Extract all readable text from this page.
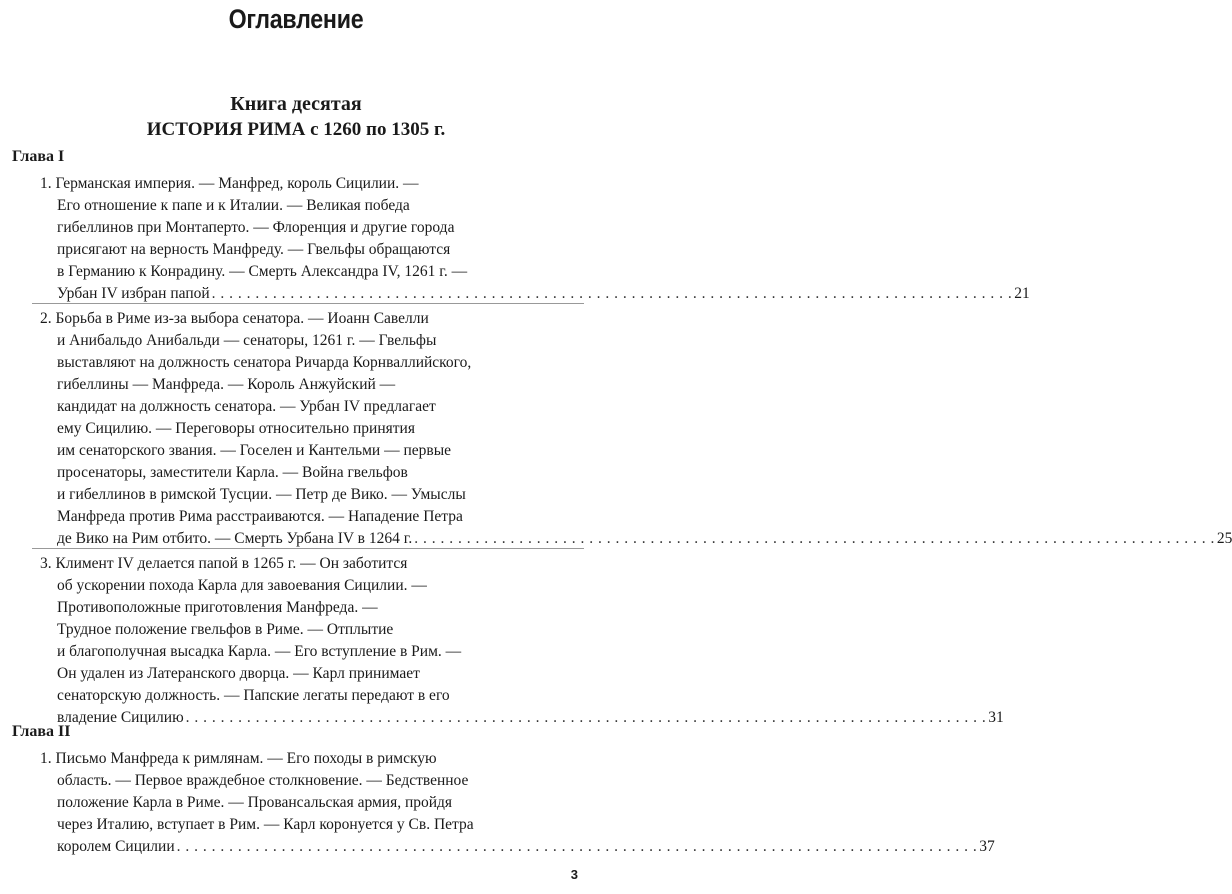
Оглавление
Книга десятая
ИСТОРИЯ РИМА с 1260 по 1305 г.
Глава I
1. Германская империя. — Манфред, король Сицилии. —
Его отношение к папе и к Италии. — Великая победа
гибеллинов при Монтаперто. — Флоренция и другие города
присягают на верность Манфреду. — Гвельфы обращаются
в Германию к Конрадину. — Смерть Александра IV, 1261 г. —
Урбан IV избран папой . . . . . . . . . . . . . . . . . . . . . . . . . . . . . . . . . . . . . . . . . . . . . . . . . . . . . . . . . . . . . . . . . . . . . . . . . . . . . . . . . . . . . . . . . . . . 21
2. Борьба в Риме из-за выбора сенатора. — Иоанн Савелли
и Анибальдо Анибальди — сенаторы, 1261 г. — Гвельфы
выставляют на должность сенатора Ричарда Корнваллийского,
гибеллины — Манфреда. — Король Анжуйский —
кандидат на должность сенатора. — Урбан IV предлагает
ему Сицилию. — Переговоры относительно принятия
им сенаторского звания. — Госелен и Кантельми — первые
просенаторы, заместители Карла. — Война гвельфов
и гибеллинов в римской Тусции. — Петр де Вико. — Умыслы
Манфреда против Рима расстраиваются. — Нападение Петра
де Вико на Рим отбито. — Смерть Урбана IV в 1264 г. . . . . . . . . . . . . . . . . . . . . . . . . . . . . . . . . . . . . . . . . . . . . . . . . . . . . . . . . . . . . . . . . . . . . . . . . . . . . . . . . . . . . . . . . . . . . 25
3. Климент IV делается папой в 1265 г. — Он заботится
об ускорении похода Карла для завоевания Сицилии. —
Противоположные приготовления Манфреда. —
Трудное положение гвельфов в Риме. — Отплытие
и благополучная высадка Карла. — Его вступление в Рим. —
Он удален из Латеранского дворца. — Карл принимает
сенаторскую должность. — Папские легаты передают в его
владение Сицилию . . . . . . . . . . . . . . . . . . . . . . . . . . . . . . . . . . . . . . . . . . . . . . . . . . . . . . . . . . . . . . . . . . . . . . . . . . . . . . . . . . . . . . . . . . . . 31
Глава II
1. Письмо Манфреда к римлянам. — Его походы в римскую
область. — Первое враждебное столкновение. — Бедственное
положение Карла в Риме. — Провансальская армия, пройдя
через Италию, вступает в Рим. — Карл коронуется у Св. Петра
королем Сицилии . . . . . . . . . . . . . . . . . . . . . . . . . . . . . . . . . . . . . . . . . . . . . . . . . . . . . . . . . . . . . . . . . . . . . . . . . . . . . . . . . . . . . . . . . . . . 37
3
